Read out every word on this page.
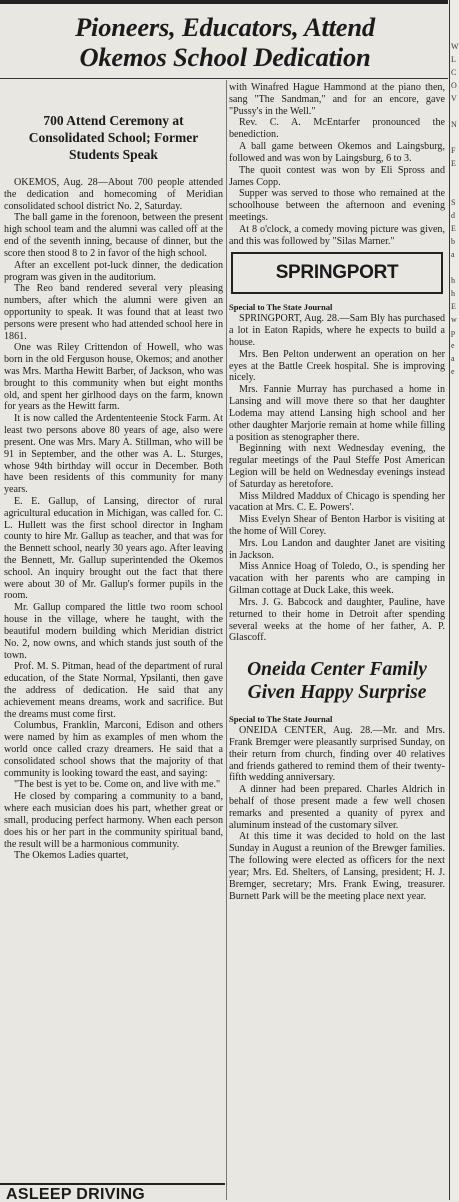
W
L
C
O
V

N

F
E

S
d
E
b
a

h
h
E
w
p
e
a
e
Pioneers, Educators, Attend
Okemos School Dedication
700 Attend Ceremony at Consolidated School; Former Students Speak

OKEMOS, Aug. 28—About 700 people attended the dedication and homecoming of Meridian consolidated school district No. 2, Saturday.

The ball game in the forenoon, between the present high school team and the alumni was called off at the end of the seventh inning, because of dinner, but the score then stood 8 to 2 in favor of the high school.

After an excellent pot-luck dinner, the dedication program was given in the auditorium.

The Reo band rendered several very pleasing numbers, after which the alumni were given an opportunity to speak. It was found that at least two persons were present who had attended school here in 1861.

One was Riley Crittendon of Howell, who was born in the old Ferguson house, Okemos; and another was Mrs. Martha Hewitt Barber, of Jackson, who was brought to this community when but eight months old, and spent her girlhood days on the farm, known for years as the Hewitt farm.

It is now called the Ardententeenie Stock Farm. At least two persons above 80 years of age, also were present. One was Mrs. Mary A. Stillman, who will be 91 in September, and the other was A. L. Sturges, whose 94th birthday will occur in December. Both have been residents of this community for many years.

E. E. Gallup, of Lansing, director of rural agricultural education in Michigan, was called for. C. L. Hullett was the first school director in Ingham county to hire Mr. Gallup as teacher, and that was for the Bennett school, nearly 30 years ago. After leaving the Bennett, Mr. Gallup superintended the Okemos school. An inquiry brought out the fact that there were about 30 of Mr. Gallup's former pupils in the room.

Mr. Gallup compared the little two room school house in the village, where he taught, with the beautiful modern building which Meridian district No. 2, now owns, and which stands just south of the town.

Prof. M. S. Pitman, head of the department of rural education, of the State Normal, Ypsilanti, then gave the address of dedication. He said that any achievement means dreams, work and sacrifice. But the dreams must come first.

Columbus, Franklin, Marconi, Edison and others were named by him as examples of men whom the world once called crazy dreamers. He said that a consolidated school shows that the majority of that community is looking toward the east, and saying:

"The best is yet to be. Come on, and live with me."

He closed by comparing a community to a band, where each musician does his part, whether great or small, producing perfect harmony. When each person does his or her part in the community spiritual band, the result will be a harmonious community.

The Okemos Ladies quartet,

with Winafred Hague Hammond at the piano then, sang "The Sandman," and for an encore, gave "Pussy's in the Well."

Rev. C. A. McEntarfer pronounced the benediction.

A ball game between Okemos and Laingsburg, followed and was won by Laingsburg, 6 to 3.

The quoit contest was won by Eli Spross and James Copp.

Supper was served to those who remained at the schoolhouse between the afternoon and evening meetings.

At 8 o'clock, a comedy moving picture was given, and this was followed by "Silas Marner."

SPRINGPORT
Special to The State Journal

SPRINGPORT, Aug. 28.—Sam Bly has purchased a lot in Eaton Rapids, where he expects to build a house.

Mrs. Ben Pelton underwent an operation on her eyes at the Battle Creek hospital. She is improving nicely.

Mrs. Fannie Murray has purchased a home in Lansing and will move there so that her daughter Lodema may attend Lansing high school and her other daughter Marjorie remain at home while filling a position as stenographer there.

Beginning with next Wednesday evening, the regular meetings of the Paul Steffe Post American Legion will be held on Wednesday evenings instead of Saturday as heretofore.

Miss Mildred Maddux of Chicago is spending her vacation at Mrs. C. E. Powers'.

Miss Evelyn Shear of Benton Harbor is visiting at the home of Will Corey.

Mrs. Lou Landon and daughter Janet are visiting in Jackson.

Miss Annice Hoag of Toledo, O., is spending her vacation with her parents who are camping in Gilman cottage at Duck Lake, this week.

Mrs. J. G. Babcock and daughter, Pauline, have returned to their home in Detroit after spending several weeks at the home of her father, A. P. Glascoff.

Oneida Center Family
Given Happy Surprise
Special to The State Journal

ONEIDA CENTER, Aug. 28.—Mr. and Mrs. Frank Bremger were pleasantly surprised Sunday, on their return from church, finding over 40 relatives and friends gathered to remind them of their twenty-fifth wedding anniversary.

A dinner had been prepared. Charles Aldrich in behalf of those present made a few well chosen remarks and presented a quanity of pyrex and aluminum instead of the customary silver.

At this time it was decided to hold on the last Sunday in August a reunion of the Brewger families. The following were elected as officers for the next year; Mrs. Ed. Shelters, of Lansing, president; H. J. Bremger, secretary; Mrs. Frank Ewing, treasurer. Burnett Park will be the meeting place next year.

ASLEEP DRIVING
